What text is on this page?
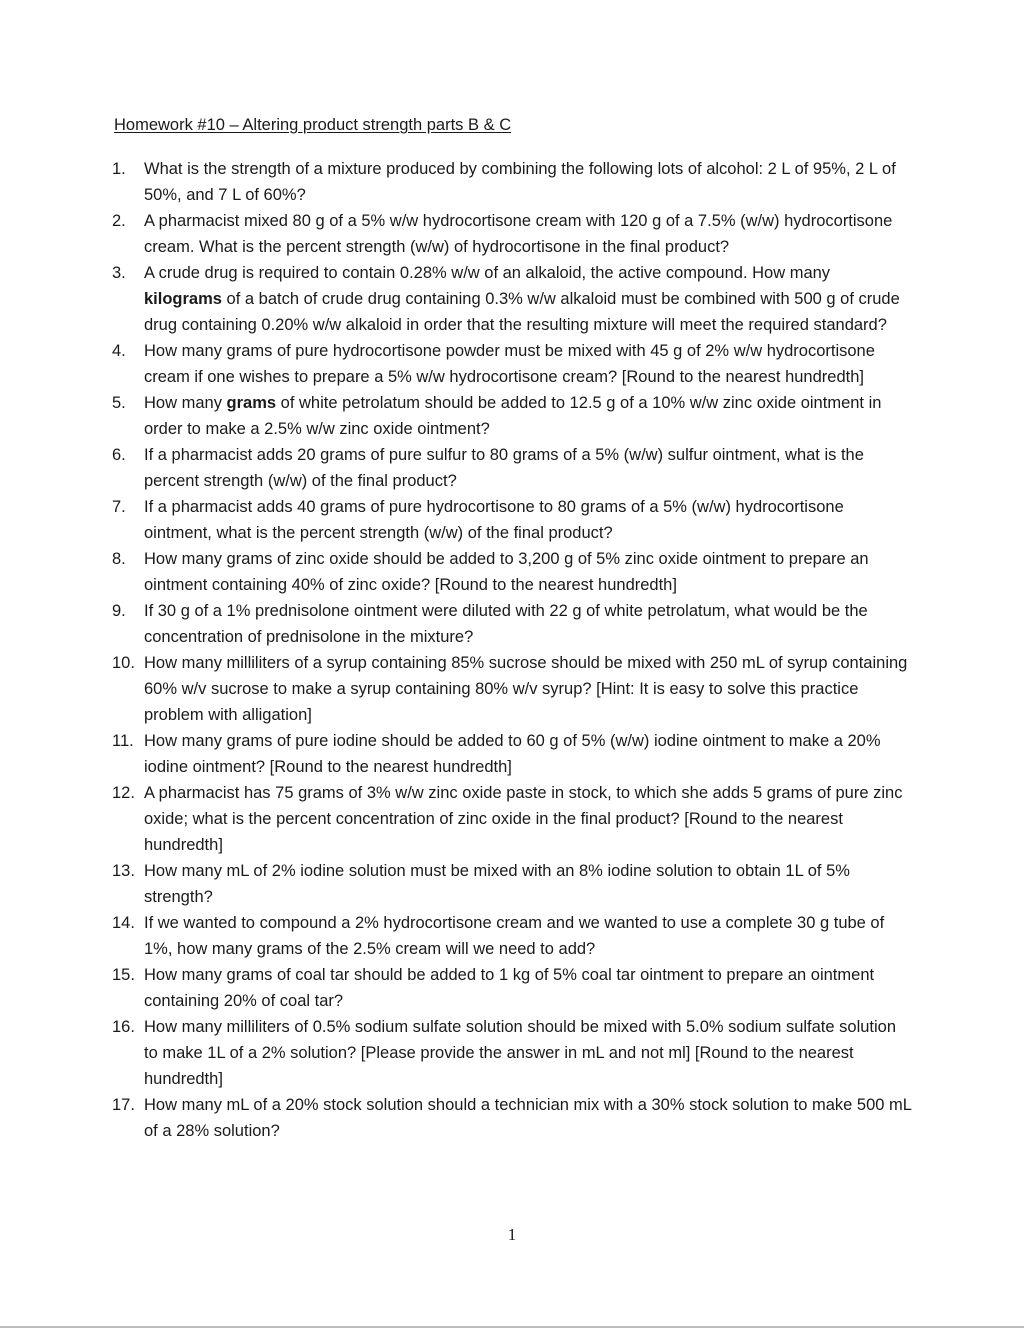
Homework #10 – Altering product strength parts B & C
1.	What is the strength of a mixture produced by combining the following lots of alcohol: 2 L of 95%, 2 L of 50%, and 7 L of 60%?
2.	A pharmacist mixed 80 g of a 5% w/w hydrocortisone cream with 120 g of a 7.5% (w/w) hydrocortisone cream. What is the percent strength (w/w) of hydrocortisone in the final product?
3.	A crude drug is required to contain 0.28% w/w of an alkaloid, the active compound. How many kilograms of a batch of crude drug containing 0.3% w/w alkaloid must be combined with 500 g of crude drug containing 0.20% w/w alkaloid in order that the resulting mixture will meet the required standard?
4.	How many grams of pure hydrocortisone powder must be mixed with 45 g of 2% w/w hydrocortisone cream if one wishes to prepare a 5% w/w hydrocortisone cream? [Round to the nearest hundredth]
5.	How many grams of white petrolatum should be added to 12.5 g of a 10% w/w zinc oxide ointment in order to make a 2.5% w/w zinc oxide ointment?
6.	If a pharmacist adds 20 grams of pure sulfur to 80 grams of a 5% (w/w) sulfur ointment, what is the percent strength (w/w) of the final product?
7.	If a pharmacist adds 40 grams of pure hydrocortisone to 80 grams of a 5% (w/w) hydrocortisone ointment, what is the percent strength (w/w) of the final product?
8.	How many grams of zinc oxide should be added to 3,200 g of 5% zinc oxide ointment to prepare an ointment containing 40% of zinc oxide? [Round to the nearest hundredth]
9.	If 30 g of a 1% prednisolone ointment were diluted with 22 g of white petrolatum, what would be the concentration of prednisolone in the mixture?
10. How many milliliters of a syrup containing 85% sucrose should be mixed with 250 mL of syrup containing 60% w/v sucrose to make a syrup containing 80% w/v syrup? [Hint: It is easy to solve this practice problem with alligation]
11. How many grams of pure iodine should be added to 60 g of 5% (w/w) iodine ointment to make a 20% iodine ointment? [Round to the nearest hundredth]
12. A pharmacist has 75 grams of 3% w/w zinc oxide paste in stock, to which she adds 5 grams of pure zinc oxide; what is the percent concentration of zinc oxide in the final product? [Round to the nearest hundredth]
13. How many mL of 2% iodine solution must be mixed with an 8% iodine solution to obtain 1L of 5% strength?
14. If we wanted to compound a 2% hydrocortisone cream and we wanted to use a complete 30 g tube of 1%, how many grams of the 2.5% cream will we need to add?
15. How many grams of coal tar should be added to 1 kg of 5% coal tar ointment to prepare an ointment containing 20% of coal tar?
16. How many milliliters of 0.5% sodium sulfate solution should be mixed with 5.0% sodium sulfate solution to make 1L of a 2% solution? [Please provide the answer in mL and not ml] [Round to the nearest hundredth]
17. How many mL of a 20% stock solution should a technician mix with a 30% stock solution to make 500 mL of a 28% solution?
1
